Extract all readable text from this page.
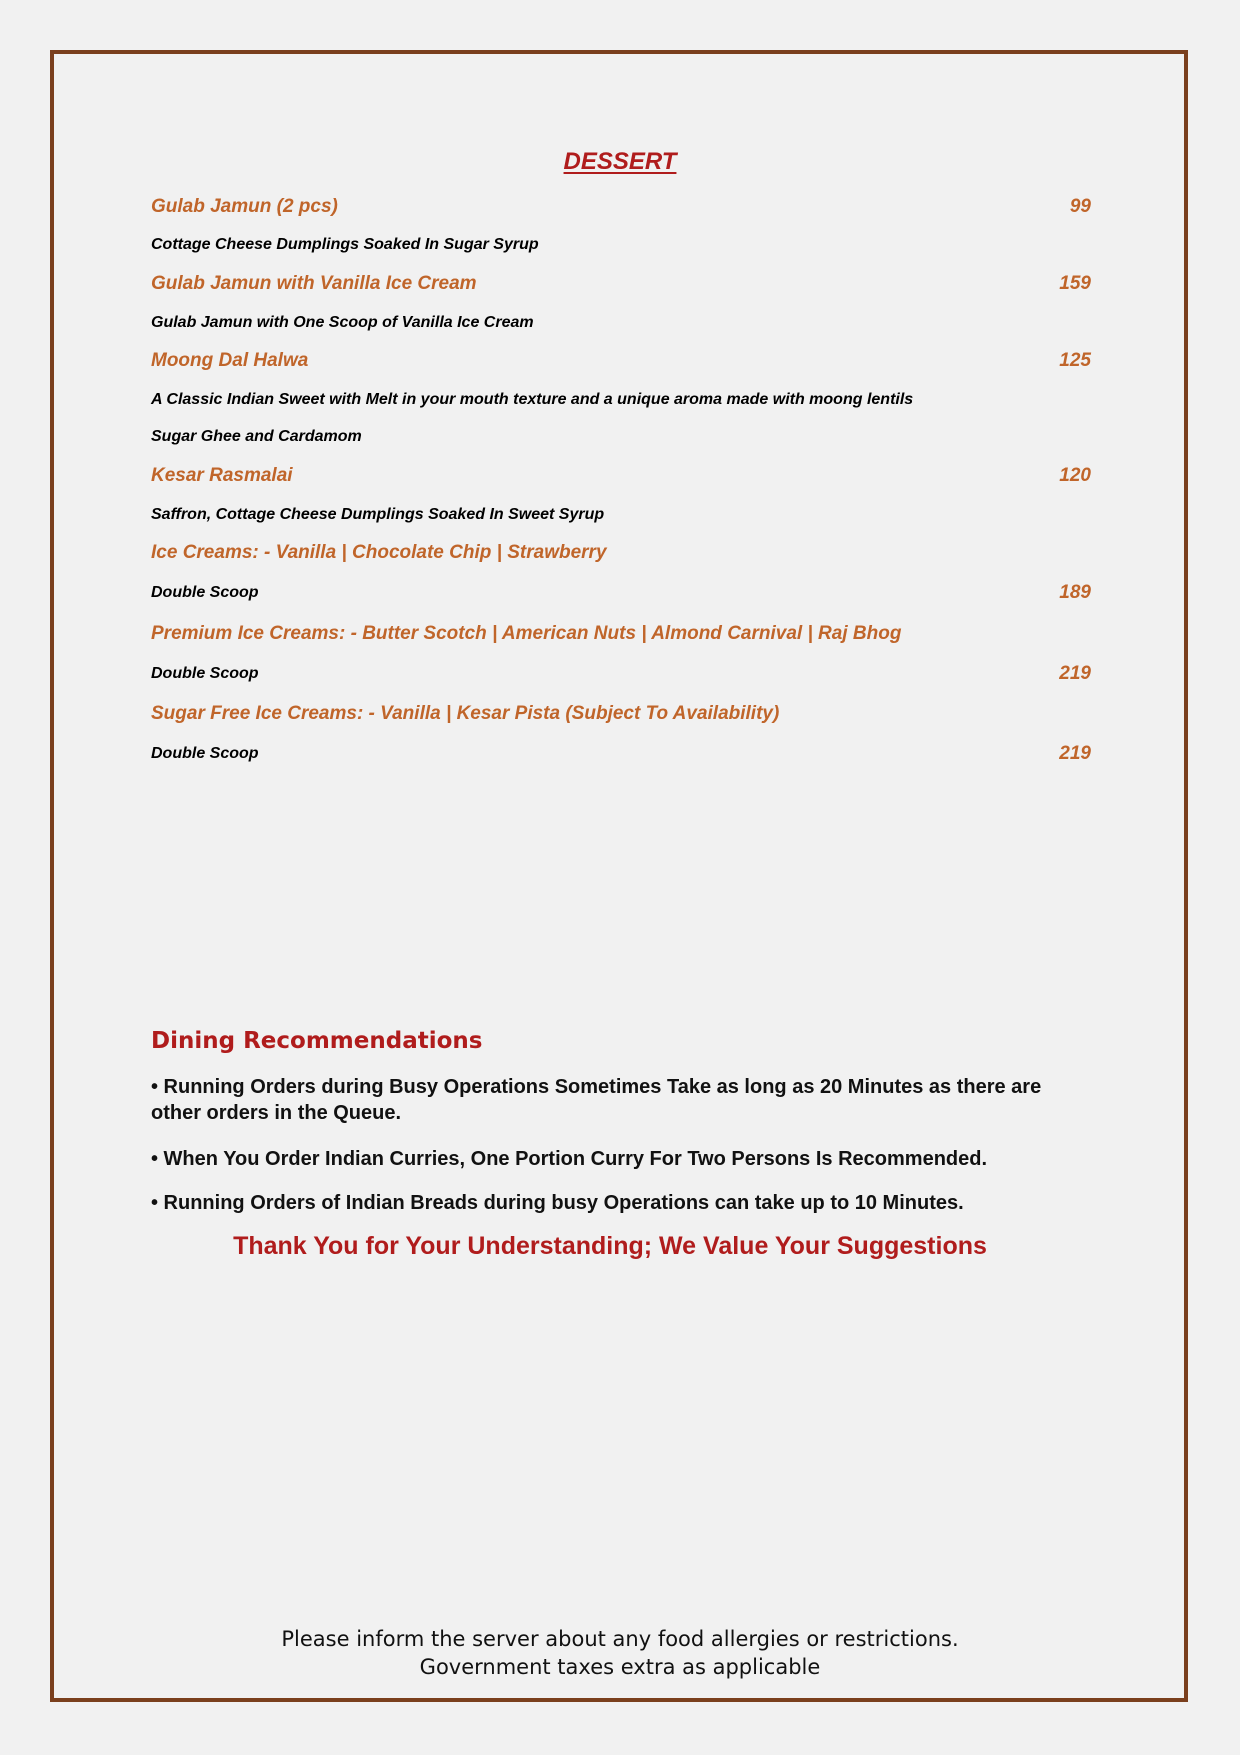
DESSERT
Gulab Jamun (2 pcs)	99
Cottage Cheese Dumplings Soaked In Sugar Syrup
Gulab Jamun with Vanilla Ice Cream	159
Gulab Jamun with One Scoop of Vanilla Ice Cream
Moong Dal Halwa	125
A Classic Indian Sweet with Melt in your mouth texture and a unique aroma made with moong lentils
Sugar Ghee and Cardamom
Kesar Rasmalai	120
Saffron, Cottage Cheese Dumplings Soaked In Sweet Syrup
Ice Creams: - Vanilla | Chocolate Chip | Strawberry
Double Scoop	189
Premium Ice Creams: - Butter Scotch | American Nuts | Almond Carnival | Raj Bhog
Double Scoop	219
Sugar Free Ice Creams: - Vanilla | Kesar Pista (Subject To Availability)
Double Scoop	219
Dining Recommendations
• Running Orders during Busy Operations Sometimes Take as long as 20 Minutes as there are other orders in the Queue.
• When You Order Indian Curries, One Portion Curry For Two Persons Is Recommended.
• Running Orders of Indian Breads during busy Operations can take up to 10 Minutes.
Thank You for Your Understanding; We Value Your Suggestions
Please inform the server about any food allergies or restrictions.
Government taxes extra as applicable
